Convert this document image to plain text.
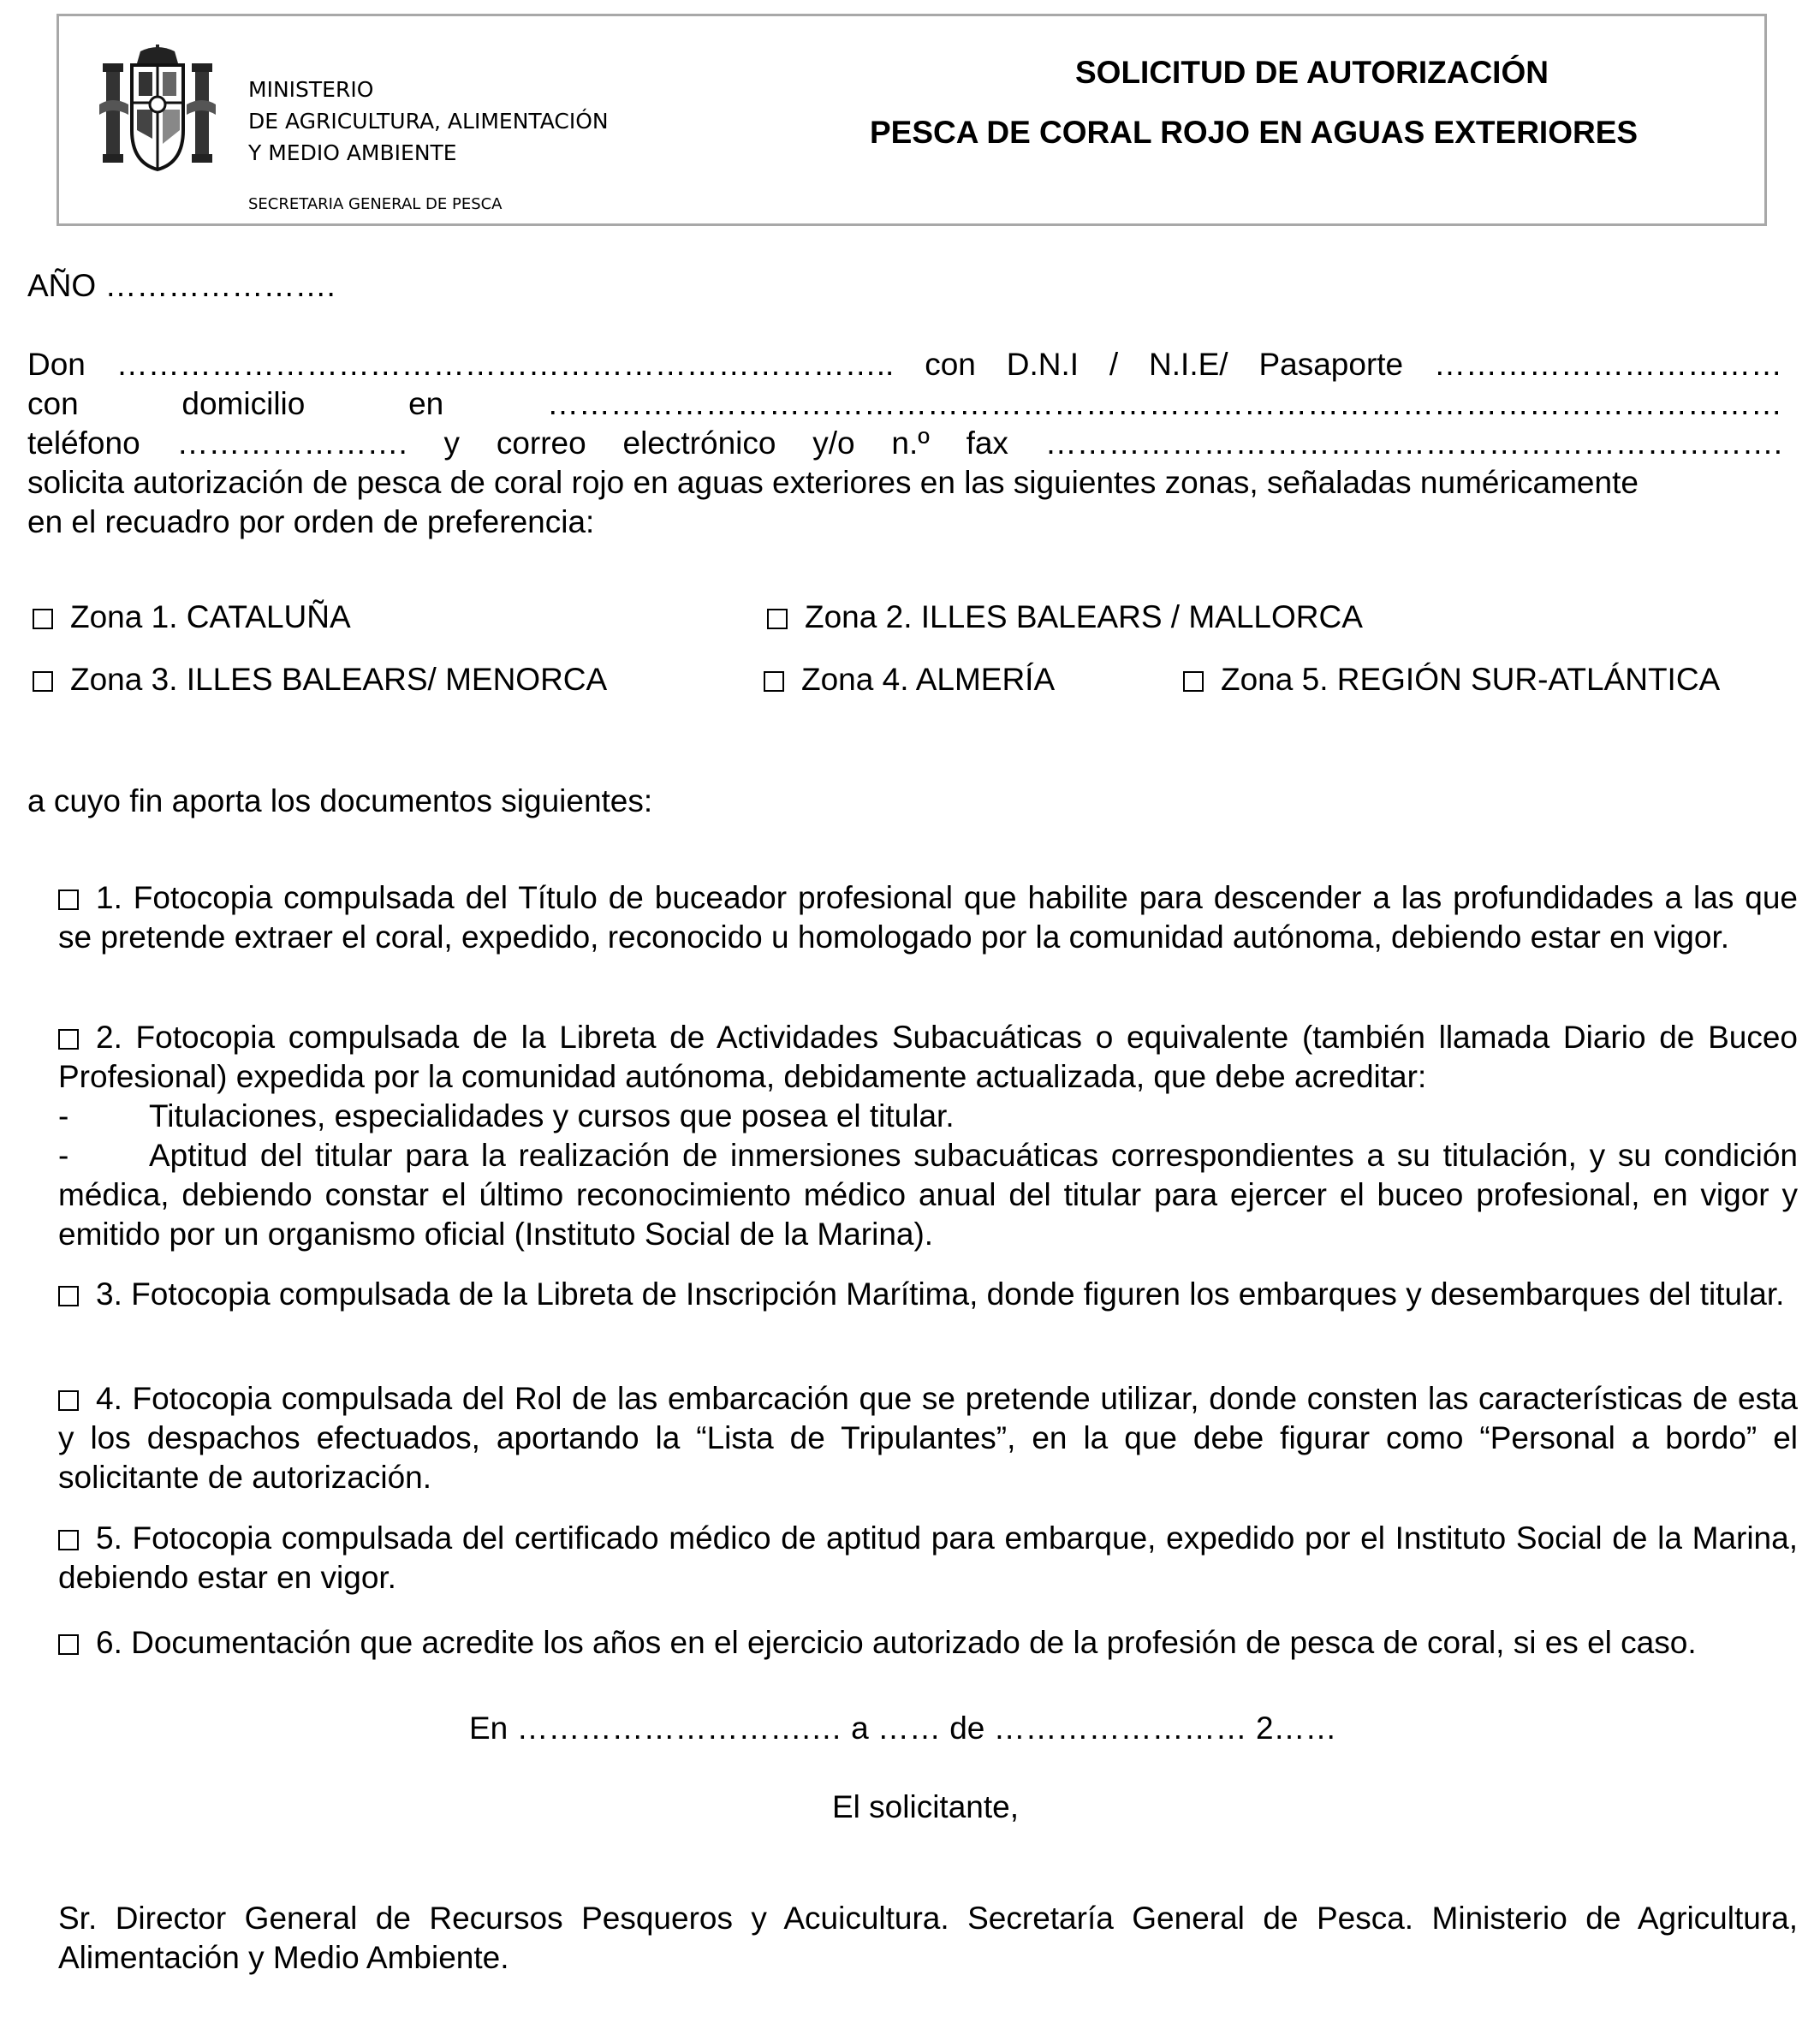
MINISTERIO
DE AGRICULTURA, ALIMENTACIÓN
Y MEDIO AMBIENTE
SECRETARIA GENERAL DE PESCA
SOLICITUD DE AUTORIZACIÓN
PESCA DE CORAL ROJO EN AGUAS EXTERIORES
AÑO ………………….
Don ……………………………………………………………….. con D.N.I / N.I.E/ Pasaporte ……………………………
con domicilio en ………………………………………………………………………………………………………
teléfono …………………. y correo electrónico y/o n.º fax …………………………………………………………….
solicita autorización de pesca de coral rojo en aguas exteriores en las siguientes zonas, señaladas numéricamente
en el recuadro por orden de preferencia:
Zona 1. CATALUÑA	Zona 2. ILLES BALEARS / MALLORCA
Zona 3. ILLES BALEARS/ MENORCA	Zona 4. ALMERÍA	Zona 5. REGIÓN SUR-ATLÁNTICA
a cuyo fin aporta los documentos siguientes:
1. Fotocopia compulsada del Título de buceador profesional que habilite para descender a las profundidades a las que se pretende extraer el coral, expedido, reconocido u homologado por la comunidad autónoma, debiendo estar en vigor.
2. Fotocopia compulsada de la Libreta de Actividades Subacuáticas o equivalente (también llamada Diario de Buceo Profesional) expedida por la comunidad autónoma, debidamente actualizada, que debe acreditar:
-	Titulaciones, especialidades y cursos que posea el titular.
-	Aptitud del titular para la realización de inmersiones subacuáticas correspondientes a su titulación, y su condición médica, debiendo constar el último reconocimiento médico anual del titular para ejercer el buceo profesional, en vigor y emitido por un organismo oficial (Instituto Social de la Marina).
3. Fotocopia compulsada de la Libreta de Inscripción Marítima, donde figuren los embarques y desembarques del titular.
4. Fotocopia compulsada del Rol de las embarcación que se pretende utilizar, donde consten las características de esta y los despachos efectuados, aportando la “Lista de Tripulantes”, en la que debe figurar como “Personal a bordo” el solicitante de autorización.
5. Fotocopia compulsada del certificado médico de aptitud para embarque, expedido por el Instituto Social de la Marina, debiendo estar en vigor.
6. Documentación que acredite los años en el ejercicio autorizado de la profesión de pesca de coral, si es el caso.
En ……………………….… a …… de …………………… 2……
El solicitante,
Sr. Director General de Recursos Pesqueros y Acuicultura. Secretaría General de Pesca. Ministerio de Agricultura, Alimentación y Medio Ambiente.
